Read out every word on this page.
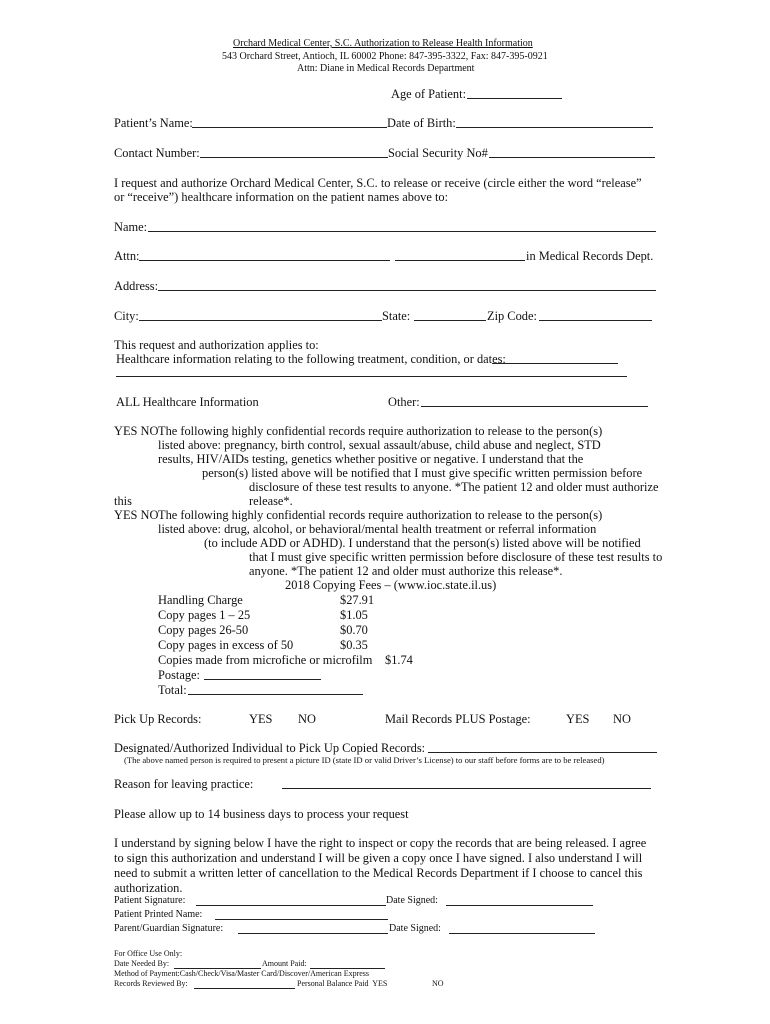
Orchard Medical Center, S.C. Authorization to Release Health Information
543 Orchard Street, Antioch, IL 60002 Phone: 847-395-3322, Fax: 847-395-0921
Attn: Diane in Medical Records Department
Age of Patient:
Patient’s Name:	Date of Birth:
Contact Number:	Social Security No#
I request and authorize Orchard Medical Center, S.C. to release or receive (circle either the word “release”
or “receive”) healthcare information on the patient names above to:
Name:
Attn:	in Medical Records Dept.
Address:
City:	State:	Zip Code:
This request and authorization applies to:
Healthcare information relating to the following treatment, condition, or dates:
ALL Healthcare Information	Other:
YES NO The following highly confidential records require authorization to release to the person(s)
listed above: pregnancy, birth control, sexual assault/abuse, child abuse and neglect, STD
results, HIV/AIDs testing, genetics whether positive or negative. I understand that the
person(s) listed above will be notified that I must give specific written permission before
disclosure of these test results to anyone. *The patient 12 and older must authorize
this	release*.
YES NO The following highly confidential records require authorization to release to the person(s)
listed above: drug, alcohol, or behavioral/mental health treatment or referral information
(to include ADD or ADHD). I understand that the person(s) listed above will be notified
that I must give specific written permission before disclosure of these test results to
anyone. *The patient 12 and older must authorize this release*.
2018 Copying Fees – (www.ioc.state.il.us)
Handling Charge	$27.91
Copy pages 1 – 25	$1.05
Copy pages 26-50	$0.70
Copy pages in excess of 50	$0.35
Copies made from microfiche or microfilm $1.74
Postage:
Total:
Pick Up Records:	YES NO	Mail Records PLUS Postage:	YES NO
Designated/Authorized Individual to Pick Up Copied Records:
(The above named person is required to present a picture ID (state ID or valid Driver’s License) to our staff before forms are to be released)
Reason for leaving practice:
Please allow up to 14 business days to process your request
I understand by signing below I have the right to inspect or copy the records that are being released. I agree
to sign this authorization and understand I will be given a copy once I have signed. I also understand I will
need to submit a written letter of cancellation to the Medical Records Department if I choose to cancel this
authorization.
Patient Signature:	Date Signed:
Patient Printed Name:
Parent/Guardian Signature:	Date Signed:
For Office Use Only:
Date Needed By:	Amount Paid:
Method of Payment:Cash/Check/Visa/Master Card/Discover/American Express
Records Reviewed By:	Personal Balance Paid  YES	NO
